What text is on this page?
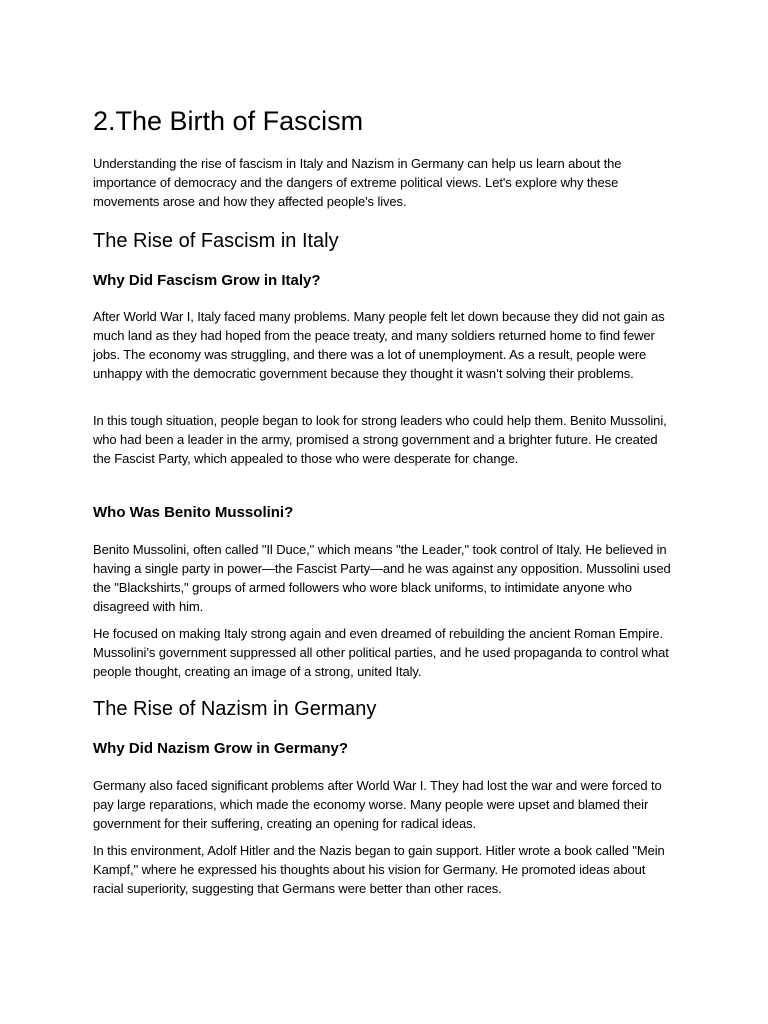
2.The Birth of Fascism

Understanding the rise of fascism in Italy and Nazism in Germany can help us learn about the importance of democracy and the dangers of extreme political views. Let's explore why these movements arose and how they affected people's lives.

The Rise of Fascism in Italy
Why Did Fascism Grow in Italy?

After World War I, Italy faced many problems. Many people felt let down because they did not gain as much land as they had hoped from the peace treaty, and many soldiers returned home to find fewer jobs. The economy was struggling, and there was a lot of unemployment. As a result, people were unhappy with the democratic government because they thought it wasn’t solving their problems.

In this tough situation, people began to look for strong leaders who could help them. Benito Mussolini, who had been a leader in the army, promised a strong government and a brighter future. He created the Fascist Party, which appealed to those who were desperate for change.

Who Was Benito Mussolini?

Benito Mussolini, often called "Il Duce," which means "the Leader," took control of Italy. He believed in having a single party in power—the Fascist Party—and he was against any opposition. Mussolini used the "Blackshirts," groups of armed followers who wore black uniforms, to intimidate anyone who disagreed with him.

He focused on making Italy strong again and even dreamed of rebuilding the ancient Roman Empire. Mussolini’s government suppressed all other political parties, and he used propaganda to control what people thought, creating an image of a strong, united Italy.

The Rise of Nazism in Germany
Why Did Nazism Grow in Germany?

Germany also faced significant problems after World War I. They had lost the war and were forced to pay large reparations, which made the economy worse. Many people were upset and blamed their government for their suffering, creating an opening for radical ideas.

In this environment, Adolf Hitler and the Nazis began to gain support. Hitler wrote a book called "Mein Kampf," where he expressed his thoughts about his vision for Germany. He promoted ideas about racial superiority, suggesting that Germans were better than other races.
